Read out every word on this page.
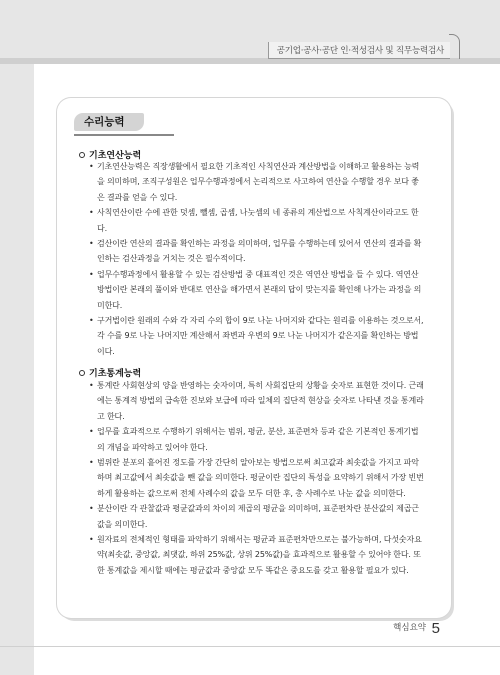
공기업·공사·공단 인·적성검사 및 직무능력검사
수리능력
기초연산능력
• 기초연산능력은 직장생활에서 필요한 기초적인 사칙연산과 계산방법을 이해하고 활용하는 능력을 의미하며, 조직구성원은 업무수행과정에서 논리적으로 사고하여 연산을 수행할 경우 보다 좋은 결과를 얻을 수 있다.
• 사칙연산이란 수에 관한 덧셈, 뺄셈, 곱셈, 나눗셈의 네 종류의 계산법으로 사칙계산이라고도 한다.
• 검산이란 연산의 결과를 확인하는 과정을 의미하며, 업무를 수행하는데 있어서 연산의 결과를 확인하는 검산과정을 거치는 것은 필수적이다.
• 업무수행과정에서 활용할 수 있는 검산방법 중 대표적인 것은 역연산 방법을 들 수 있다. 역연산 방법이란 본래의 풀이와 반대로 연산을 해가면서 본래의 답이 맞는지를 확인해 나가는 과정을 의미한다.
• 구거법이란 원래의 수와 각 자리 수의 합이 9로 나눈 나머지와 같다는 원리를 이용하는 것으로서, 각 수를 9로 나눈 나머지만 계산해서 좌변과 우변의 9로 나눈 나머지가 같은지를 확인하는 방법이다.
기초통계능력
• 통계란 사회현상의 양을 반영하는 숫자이며, 특히 사회집단의 상황을 숫자로 표현한 것이다. 근래에는 통계적 방법의 급속한 진보와 보급에 따라 일체의 집단적 현상을 숫자로 나타낸 것을 통계라고 한다.
• 업무를 효과적으로 수행하기 위해서는 범위, 평균, 분산, 표준편차 등과 같은 기본적인 통계기법의 개념을 파악하고 있어야 한다.
• 범위란 분포의 흩어진 정도를 가장 간단히 알아보는 방법으로써 최고값과 최솟값을 가지고 파악하며 최고값에서 최솟값을 뺀 값을 의미한다. 평균이란 집단의 특성을 요약하기 위해서 가장 빈번하게 활용하는 값으로써 전체 사례수의 값을 모두 더한 후, 총 사례수로 나눈 값을 의미한다.
• 분산이란 각 관찰값과 평균값과의 차이의 제곱의 평균을 의미하며, 표준편차란 분산값의 제곱근 값을 의미한다.
• 원자료의 전체적인 형태를 파악하기 위해서는 평균과 표준편차만으로는 불가능하며, 다섯숫자요약(최솟값, 중앙값, 최댓값, 하위 25%값, 상위 25%값)을 효과적으로 활용할 수 있어야 한다. 또한 통계값을 제시할 때에는 평균값과 중앙값 모두 똑같은 중요도를 갖고 활용할 필요가 있다.
핵심요약 5
